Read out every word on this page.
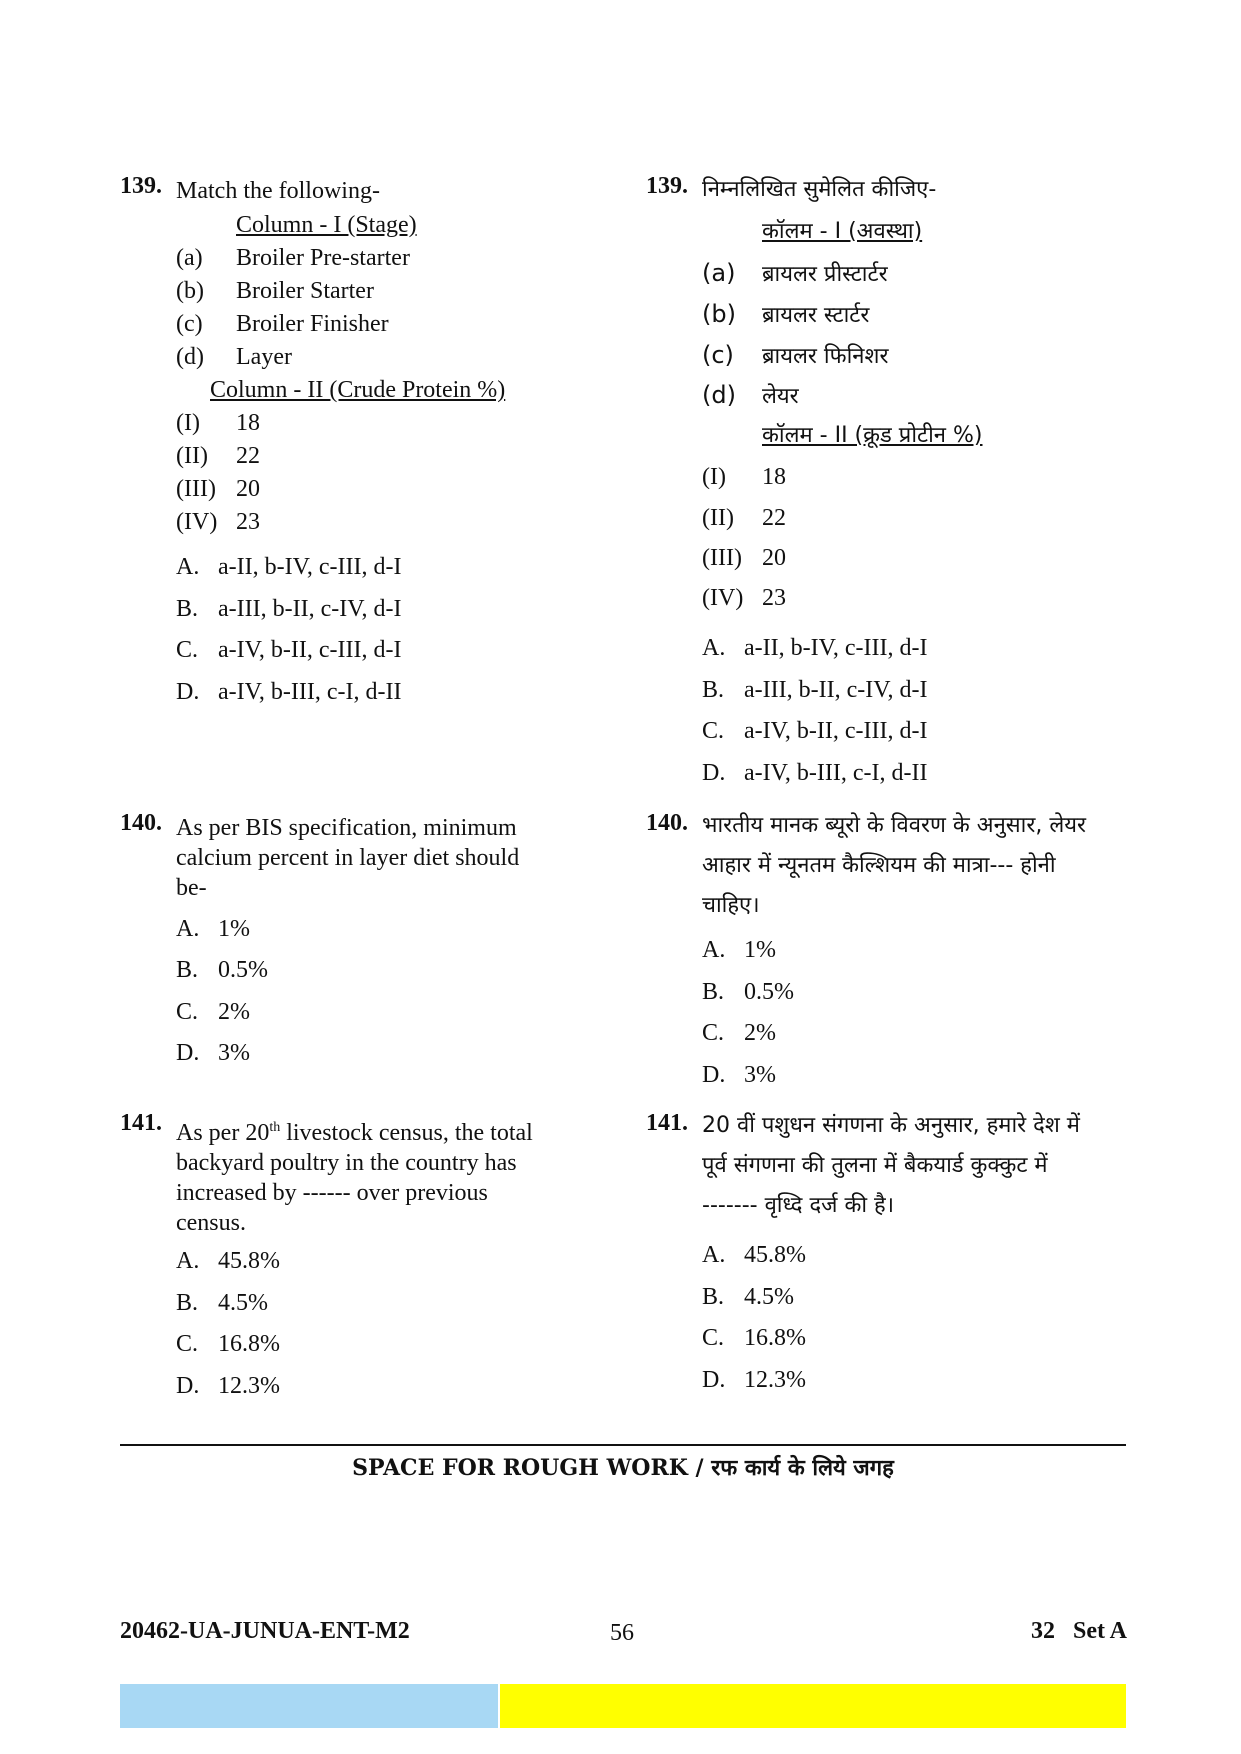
139. Match the following-
Column - I (Stage)
(a) Broiler Pre-starter
(b) Broiler Starter
(c) Broiler Finisher
(d) Layer
Column - II (Crude Protein %)
(I) 18
(II) 22
(III) 20
(IV) 23
A. a-II, b-IV, c-III, d-I
B. a-III, b-II, c-IV, d-I
C. a-IV, b-II, c-III, d-I
D. a-IV, b-III, c-I, d-II
139. निम्नलिखित सुमेलित कीजिए-
कॉलम - I (अवस्था)
(a) ब्रायलर प्रीस्टार्टर
(b) ब्रायलर स्टार्टर
(c) ब्रायलर फिनिशर
(d) लेयर
कॉलम - II (क्रूड प्रोटीन %)
(I) 18
(II) 22
(III) 20
(IV) 23
A. a-II, b-IV, c-III, d-I
B. a-III, b-II, c-IV, d-I
C. a-IV, b-II, c-III, d-I
D. a-IV, b-III, c-I, d-II
140. As per BIS specification, minimum
calcium percent in layer diet should
be-
A. 1%
B. 0.5%
C. 2%
D. 3%
140. भारतीय मानक ब्यूरो के विवरण के अनुसार, लेयर
आहार में न्यूनतम कैल्शियम की मात्रा--- होनी
चाहिए।
A. 1%
B. 0.5%
C. 2%
D. 3%
141. As per 20th livestock census, the total
backyard poultry in the country has
increased by ------ over previous
census.
A. 45.8%
B. 4.5%
C. 16.8%
D. 12.3%
141. 20 वीं पशुधन संगणना के अनुसार, हमारे देश में
पूर्व संगणना की तुलना में बैकयार्ड कुक्कुट में
------- वृध्दि दर्ज की है।
A. 45.8%
B. 4.5%
C. 16.8%
D. 12.3%
SPACE FOR ROUGH WORK / रफ कार्य के लिये जगह
20462-UA-JUNUA-ENT-M2	56	32   Set A
